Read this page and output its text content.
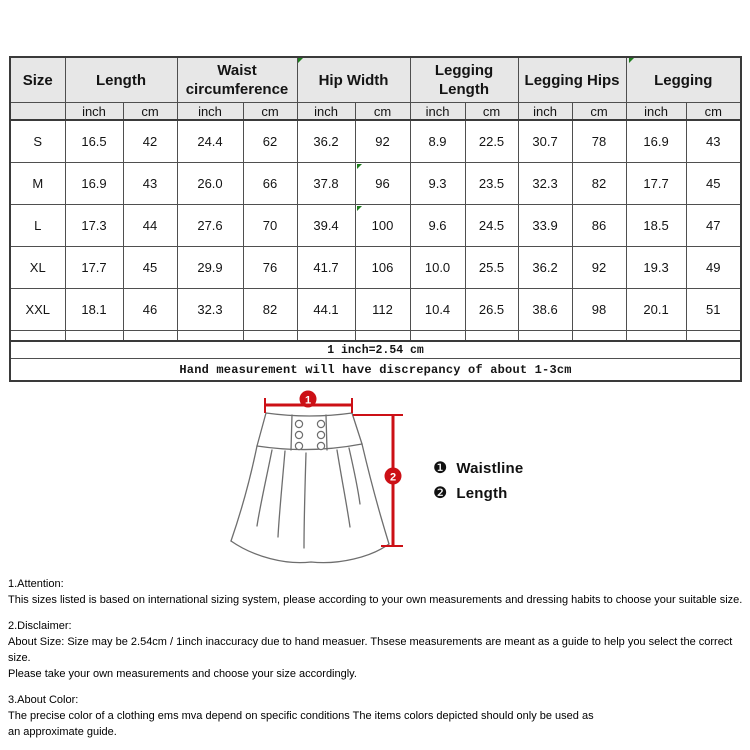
Size	Length		Waist circumference		Hip Width		Legging Length		Legging Hips		Legging	
	inch	cm	inch	cm	inch	cm	inch	cm	inch	cm	inch	cm
S	16.5	42	24.4	62	36.2	92	8.9	22.5	30.7	78	16.9	43
M	16.9	43	26.0	66	37.8	96	9.3	23.5	32.3	82	17.7	45
L	17.3	44	27.6	70	39.4	100	9.6	24.5	33.9	86	18.5	47
XL	17.7	45	29.9	76	41.7	106	10.0	25.5	36.2	92	19.3	49
XXL	18.1	46	32.3	82	44.1	112	10.4	26.5	38.6	98	20.1	51

1 inch=2.54 cm												
Hand measurement will have discrepancy of about 1-3cm												
1
2
❶ Waistline
❷ Length

1.Attention:

This sizes listed is based on international sizing system, please according to your own measurements and dressing habits to choose your suitable size.

2.Disclaimer:

About Size: Size may be 2.54cm / 1inch inaccuracy due to hand measuer. Thsese measurements are meant as a guide to help you select the correct size.

Please take your own measurements and choose your size accordingly.

3.About Color:

The precise color of a clothing ems mva depend on specific conditions The items colors depicted should only be used as

an approximate guide.
